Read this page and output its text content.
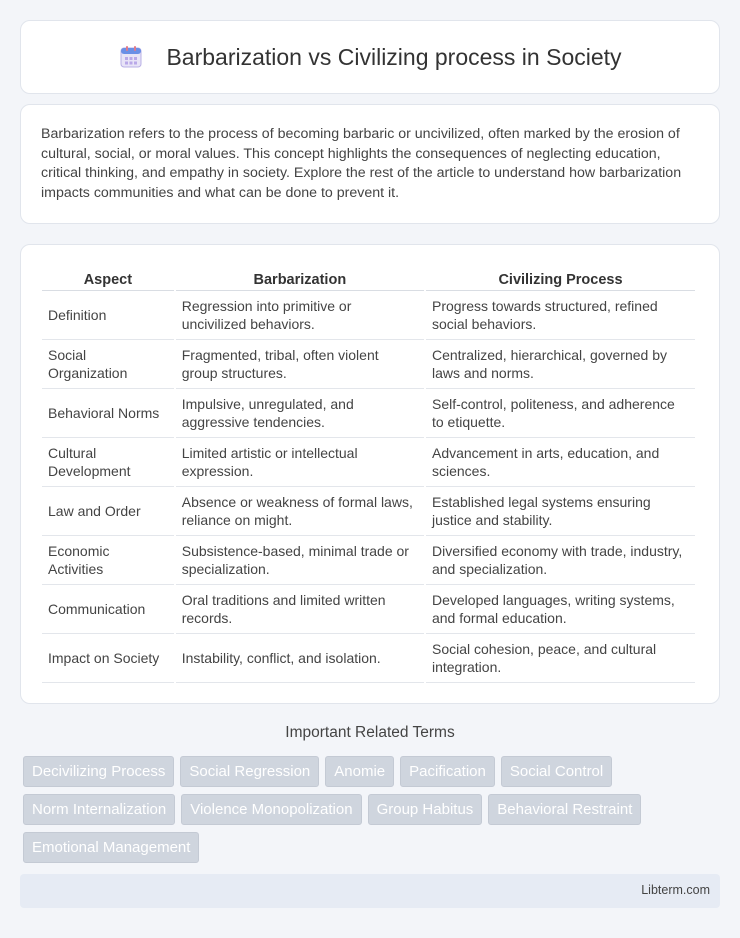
Barbarization vs Civilizing process in Society

Barbarization refers to the process of becoming barbaric or uncivilized, often marked by the erosion of cultural, social, or moral values. This concept highlights the consequences of neglecting education, critical thinking, and empathy in society. Explore the rest of the article to understand how barbarization impacts communities and what can be done to prevent it.

Aspect	Barbarization	Civilizing Process
Definition	Regression into primitive or uncivilized behaviors.	Progress towards structured, refined social behaviors.
Social Organization	Fragmented, tribal, often violent group structures.	Centralized, hierarchical, governed by laws and norms.
Behavioral Norms	Impulsive, unregulated, and aggressive tendencies.	Self-control, politeness, and adherence to etiquette.
Cultural Development	Limited artistic or intellectual expression.	Advancement in arts, education, and sciences.
Law and Order	Absence or weakness of formal laws, reliance on might.	Established legal systems ensuring justice and stability.
Economic Activities	Subsistence-based, minimal trade or specialization.	Diversified economy with trade, industry, and specialization.
Communication	Oral traditions and limited written records.	Developed languages, writing systems, and formal education.
Impact on Society	Instability, conflict, and isolation.	Social cohesion, peace, and cultural integration.
Important Related Terms
Decivilizing Process	Social Regression	Anomie	Pacification	Social Control
Norm Internalization	Violence Monopolization	Group Habitus	Behavioral Restraint
Emotional Management
Libterm.com
